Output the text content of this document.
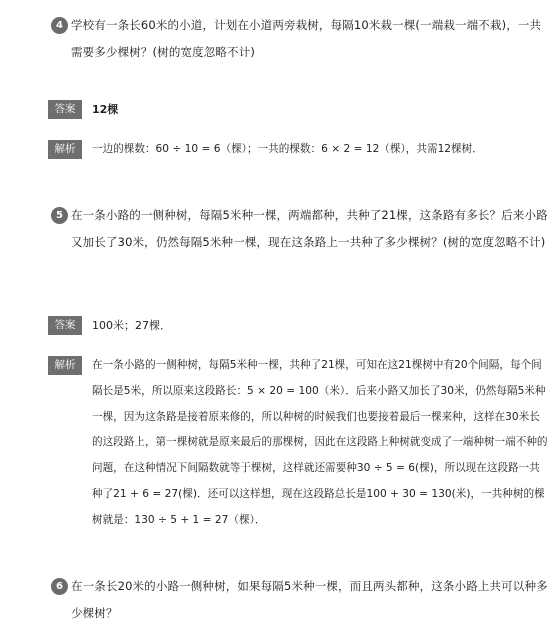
4 学校有一条长60米的小道，计划在小道两旁栽树，每隔10米栽一棵(一端栽一端不栽)，一共需要多少棵树？(树的宽度忽略不计)

答案	12棵
解析	一边的棵数：60 ÷ 10 = 6（棵）；一共的棵数：6 × 2 = 12（棵），共需12棵树．
5 在一条小路的一侧种树，每隔5米种一棵，两端都种，共种了21棵，这条路有多长？后来小路又加长了30米，仍然每隔5米种一棵，现在这条路上一共种了多少棵树？(树的宽度忽略不计)

答案	100米；27棵．
解析	在一条小路的一侧种树，每隔5米种一棵，共种了21棵，可知在这21棵树中有20个间隔，每个间隔长是5米，所以原来这段路长：5 × 20 = 100（米）．后来小路又加长了30米，仍然每隔5米种一棵，因为这条路是接着原来修的，所以种树的时候我们也要接着最后一棵来种，这样在30米长的这段路上，第一棵树就是原来最后的那棵树，因此在这段路上种树就变成了一端种树一端不种的问题，在这种情况下间隔数就等于棵树，这样就还需要种30 ÷ 5 = 6(棵)，所以现在这段路一共种了21 + 6 = 27(棵)．还可以这样想，现在这段路总长是100 + 30 = 130(米)，一共种树的棵树就是：130 ÷ 5 + 1 = 27（棵）．

6 在一条长20米的小路一侧种树，如果每隔5米种一棵，而且两头都种，这条小路上共可以种多少棵树？
